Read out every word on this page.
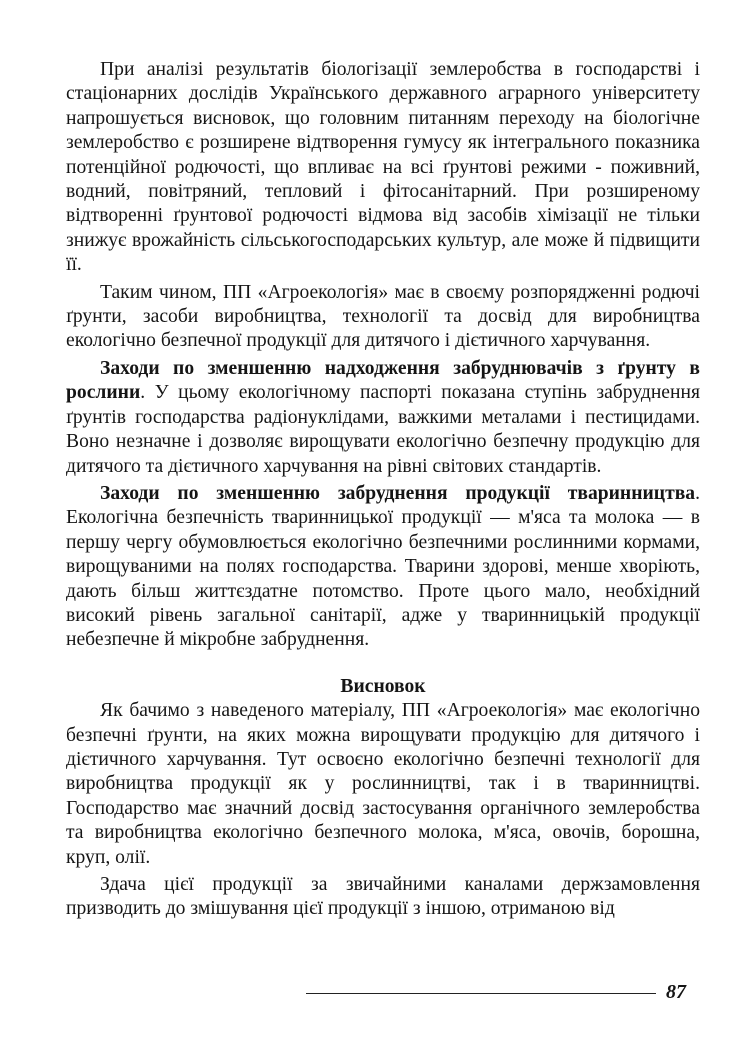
При аналізі результатів біологізації землеробства в господарстві і стаціонарних дослідів Українського державного аграрного університету напрошується висновок, що головним питанням переходу на біологічне землеробство є розширене відтворення гумусу як інтегрального показника потенційної родючості, що впливає на всі ґрунтові режими - поживний, водний, повітряний, тепловий і фітосанітарний. При розширеному відтворенні ґрунтової родючості відмова від засобів хімізації не тільки знижує врожайність сільськогосподарських культур, але може й підвищити її.

Таким чином, ПП «Агроекологія» має в своєму розпорядженні родючі ґрунти, засоби виробництва, технології та досвід для виробництва екологічно безпечної продукції для дитячого і дієтичного харчування.

Заходи по зменшенню надходження забруднювачів з ґрунту в рослини. У цьому екологічному паспорті показана ступінь забруднення ґрунтів господарства радіонуклідами, важкими металами і пестицидами. Воно незначне і дозволяє вирощувати екологічно безпечну продукцію для дитячого та дієтичного харчування на рівні світових стандартів.

Заходи по зменшенню забруднення продукції тваринництва. Екологічна безпечність тваринницької продукції — м'яса та молока — в першу чергу обумовлюється екологічно безпечними рослинними кормами, вирощуваними на полях господарства. Тварини здорові, менше хворіють, дають більш життєздатне потомство. Проте цього мало, необхідний високий рівень загальної санітарії, адже у тваринницькій продукції небезпечне й мікробне забруднення.

Висновок

Як бачимо з наведеного матеріалу, ПП «Агроекологія» має екологічно безпечні ґрунти, на яких можна вирощувати продукцію для дитячого і дієтичного харчування. Тут освоєно екологічно безпечні технології для виробництва продукції як у рослинництві, так і в тваринництві. Господарство має значний досвід застосування органічного землеробства та виробництва екологічно безпечного молока, м'яса, овочів, борошна, круп, олії.

Здача цієї продукції за звичайними каналами держзамовлення призводить до змішування цієї продукції з іншою, отриманою від

87
